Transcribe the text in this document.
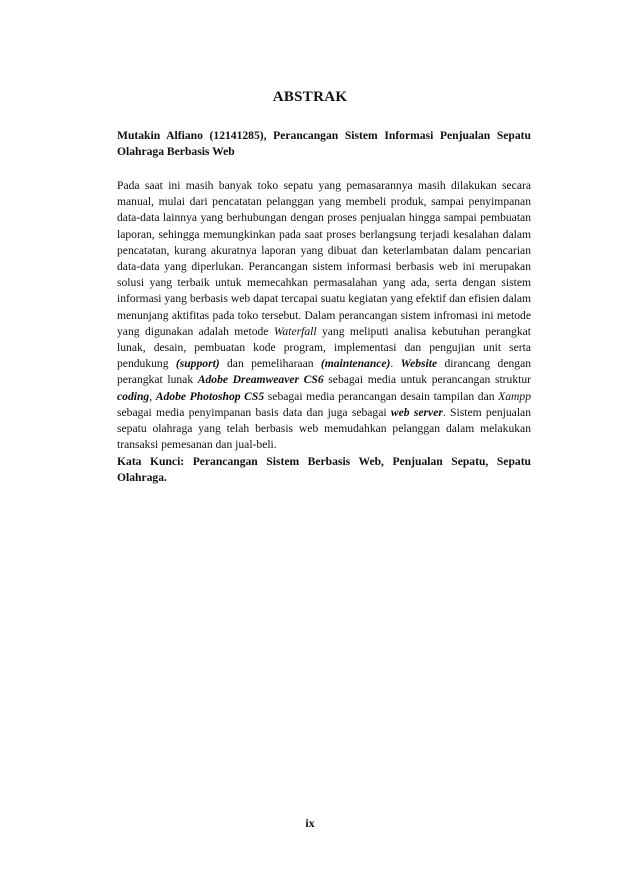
ABSTRAK
Mutakin Alfiano (12141285), Perancangan Sistem Informasi Penjualan Sepatu Olahraga Berbasis Web
Pada saat ini masih banyak toko sepatu yang pemasarannya masih dilakukan secara manual, mulai dari pencatatan pelanggan yang membeli produk, sampai penyimpanan data-data lainnya yang berhubungan dengan proses penjualan hingga sampai pembuatan laporan, sehingga memungkinkan pada saat proses berlangsung terjadi kesalahan dalam pencatatan, kurang akuratnya laporan yang dibuat dan keterlambatan dalam pencarian data-data yang diperlukan. Perancangan sistem informasi berbasis web ini merupakan solusi yang terbaik untuk memecahkan permasalahan yang ada, serta dengan sistem informasi yang berbasis web dapat tercapai suatu kegiatan yang efektif dan efisien dalam menunjang aktifitas pada toko tersebut. Dalam perancangan sistem infromasi ini metode yang digunakan adalah metode Waterfall yang meliputi analisa kebutuhan perangkat lunak, desain, pembuatan kode program, implementasi dan pengujian unit serta pendukung (support) dan pemeliharaan (maintenance). Website dirancang dengan perangkat lunak Adobe Dreamweaver CS6 sebagai media untuk perancangan struktur coding, Adobe Photoshop CS5 sebagai media perancangan desain tampilan dan Xampp sebagai media penyimpanan basis data dan juga sebagai web server. Sistem penjualan sepatu olahraga yang telah berbasis web memudahkan pelanggan dalam melakukan transaksi pemesanan dan jual-beli.
Kata Kunci: Perancangan Sistem Berbasis Web, Penjualan Sepatu, Sepatu Olahraga.
ix
